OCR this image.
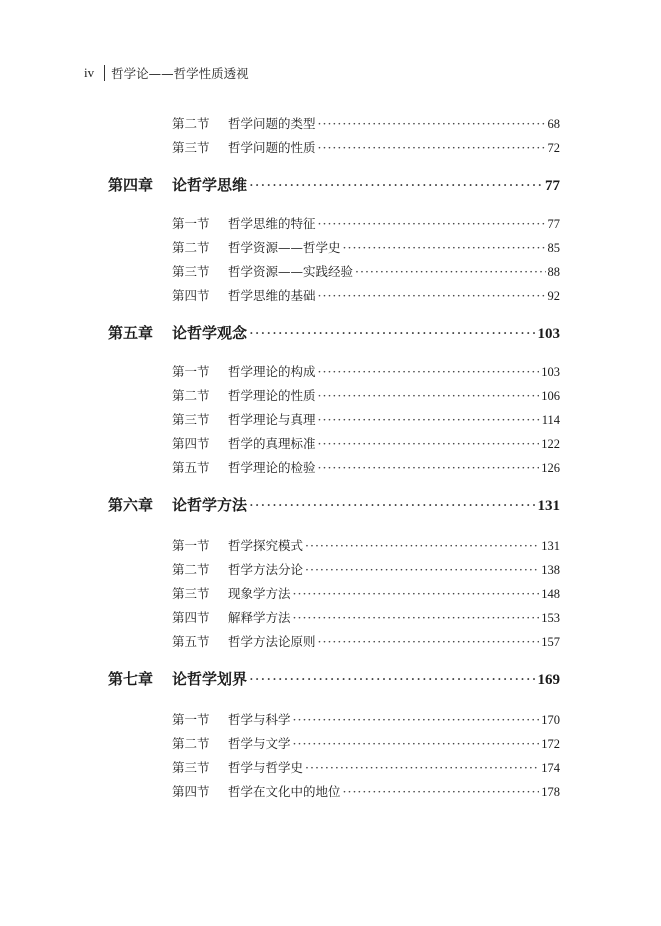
iv 哲学论——哲学性质透视
第二节	哲学问题的类型 ·····	68
第三节	哲学问题的性质 ·····	72
第四章	论哲学思维 ·····	77
第一节	哲学思维的特征 ·····	77
第二节	哲学资源——哲学史 ·····	85
第三节	哲学资源——实践经验 ·····	88
第四节	哲学思维的基础 ·····	92
第五章	论哲学观念 ·····	103
第一节	哲学理论的构成 ·····	103
第二节	哲学理论的性质 ·····	106
第三节	哲学理论与真理 ·····	114
第四节	哲学的真理标准 ·····	122
第五节	哲学理论的检验 ·····	126
第六章	论哲学方法 ·····	131
第一节	哲学探究模式 ·····	131
第二节	哲学方法分论 ·····	138
第三节	现象学方法 ·····	148
第四节	解释学方法 ·····	153
第五节	哲学方法论原则 ·····	157
第七章	论哲学划界 ·····	169
第一节	哲学与科学 ·····	170
第二节	哲学与文学 ·····	172
第三节	哲学与哲学史 ·····	174
第四节	哲学在文化中的地位 ·····	178
